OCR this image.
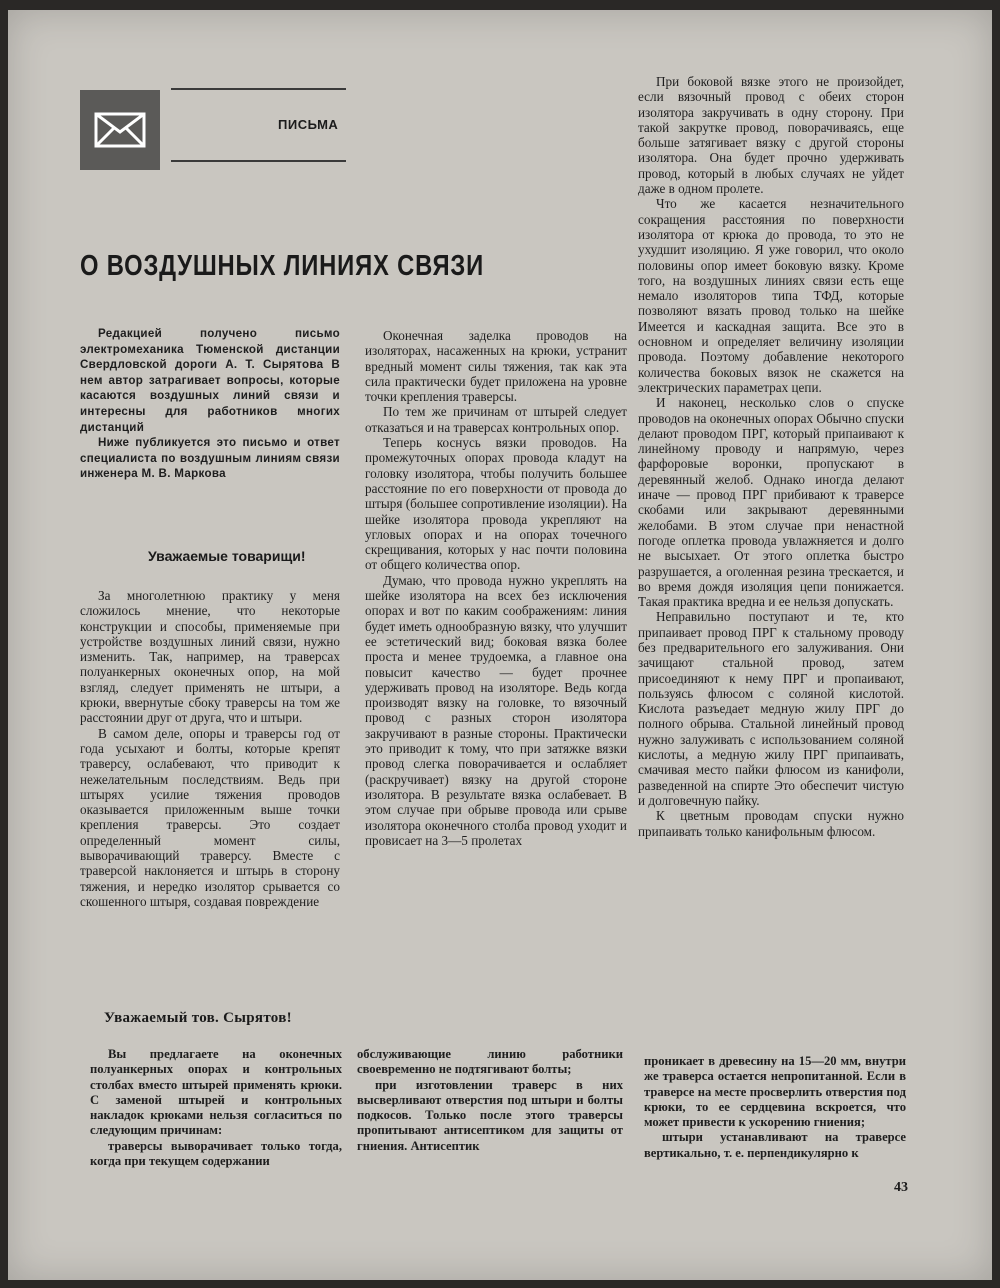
ПИСЬМА
О ВОЗДУШНЫХ ЛИНИЯХ СВЯЗИ

Редакцией получено письмо электромеханика Тюменской дистанции Свердловской дороги А. Т. Сырятова В нем автор затрагивает вопросы, которые касаются воздушных линий связи и интересны для работников многих дистанций

Ниже публикуется это письмо и ответ специалиста по воздушным линиям связи инженера М. В. Маркова

Уважаемые товарищи!

За многолетнюю практику у меня сложилось мнение, что некоторые конструкции и способы, применяемые при устройстве воздушных линий связи, нужно изменить. Так, например, на траверсах полуанкерных оконечных опор, на мой взгляд, следует применять не штыри, а крюки, ввернутые сбоку траверсы на том же расстоянии друг от друга, что и штыри.

В самом деле, опоры и траверсы год от года усыхают и болты, которые крепят траверсу, ослабевают, что приводит к нежелательным последствиям. Ведь при штырях усилие тяжения проводов оказывается приложенным выше точки крепления траверсы. Это создает определенный момент силы, выворачивающий траверсу. Вместе с траверсой наклоняется и штырь в сторону тяжения, и нередко изолятор срывается со скошенного штыря, создавая повреждение

Оконечная заделка проводов на изоляторах, насаженных на крюки, устранит вредный момент силы тяжения, так как эта сила практически будет приложена на уровне точки крепления траверсы.

По тем же причинам от штырей следует отказаться и на траверсах контрольных опор.

Теперь коснусь вязки проводов. На промежуточных опорах провода кладут на головку изолятора, чтобы получить большее расстояние по его поверхности от провода до штыря (большее сопротивление изоляции). На шейке изолятора провода укрепляют на угловых опорах и на опорах точечного скрещивания, которых у нас почти половина от общего количества опор.

Думаю, что провода нужно укреплять на шейке изолятора на всех без исключения опорах и вот по каким соображениям: линия будет иметь однообразную вязку, что улучшит ее эстетический вид; боковая вязка более проста и менее трудоемка, а главное она повысит качество — будет прочнее удерживать провод на изоляторе. Ведь когда производят вязку на головке, то вязочный провод с разных сторон изолятора закручивают в разные стороны. Практически это приводит к тому, что при затяжке вязки провод слегка поворачивается и ослабляет (раскручивает) вязку на другой стороне изолятора. В результате вязка ослабевает. В этом случае при обрыве провода или срыве изолятора оконечного столба провод уходит и провисает на 3—5 пролетах

При боковой вязке этого не произойдет, если вязочный провод с обеих сторон изолятора закручивать в одну сторону. При такой закрутке провод, поворачиваясь, еще больше затягивает вязку с другой стороны изолятора. Она будет прочно удерживать провод, который в любых случаях не уйдет даже в одном пролете.

Что же касается незначительного сокращения расстояния по поверхности изолятора от крюка до провода, то это не ухудшит изоляцию. Я уже говорил, что около половины опор имеет боковую вязку. Кроме того, на воздушных линиях связи есть еще немало изоляторов типа ТФД, которые позволяют вязать провод только на шейке Имеется и каскадная защита. Все это в основном и определяет величину изоляции провода. Поэтому добавление некоторого количества боковых вязок не скажется на электрических параметрах цепи.

И наконец, несколько слов о спуске проводов на оконечных опорах Обычно спуски делают проводом ПРГ, который припаивают к линейному проводу и напрямую, через фарфоровые воронки, пропускают в деревянный желоб. Однако иногда делают иначе — провод ПРГ прибивают к траверсе скобами или закрывают деревянными желобами. В этом случае при ненастной погоде оплетка провода увлажняется и долго не высыхает. От этого оплетка быстро разрушается, а оголенная резина трескается, и во время дождя изоляция цепи понижается. Такая практика вредна и ее нельзя допускать.

Неправильно поступают и те, кто припаивает провод ПРГ к стальному проводу без предварительного его залуживания. Они зачищают стальной провод, затем присоединяют к нему ПРГ и пропаивают, пользуясь флюсом с соляной кислотой. Кислота разъедает медную жилу ПРГ до полного обрыва. Стальной линейный провод нужно залуживать с использованием соляной кислоты, а медную жилу ПРГ припаивать, смачивая место пайки флюсом из канифоли, разведенной на спирте Это обеспечит чистую и долговечную пайку.

К цветным проводам спуски нужно припаивать только канифольным флюсом.

Уважаемый тов. Сырятов!

Вы предлагаете на оконечных полуанкерных опорах и контрольных столбах вместо штырей применять крюки. С заменой штырей и контрольных накладок крюками нельзя согласиться по следующим причинам:

траверсы выворачивает только тогда, когда при текущем содержании

обслуживающие линию работники своевременно не подтягивают болты;

при изготовлении траверс в них высверливают отверстия под штыри и болты подкосов. Только после этого траверсы пропитывают антисептиком для защиты от гниения. Антисептик

проникает в древесину на 15—20 мм, внутри же траверса остается непропитанной. Если в траверсе на месте просверлить отверстия под крюки, то ее сердцевина вскроется, что может привести к ускорению гниения;

штыри устанавливают на траверсе вертикально, т. е. перпендикулярно к

43
